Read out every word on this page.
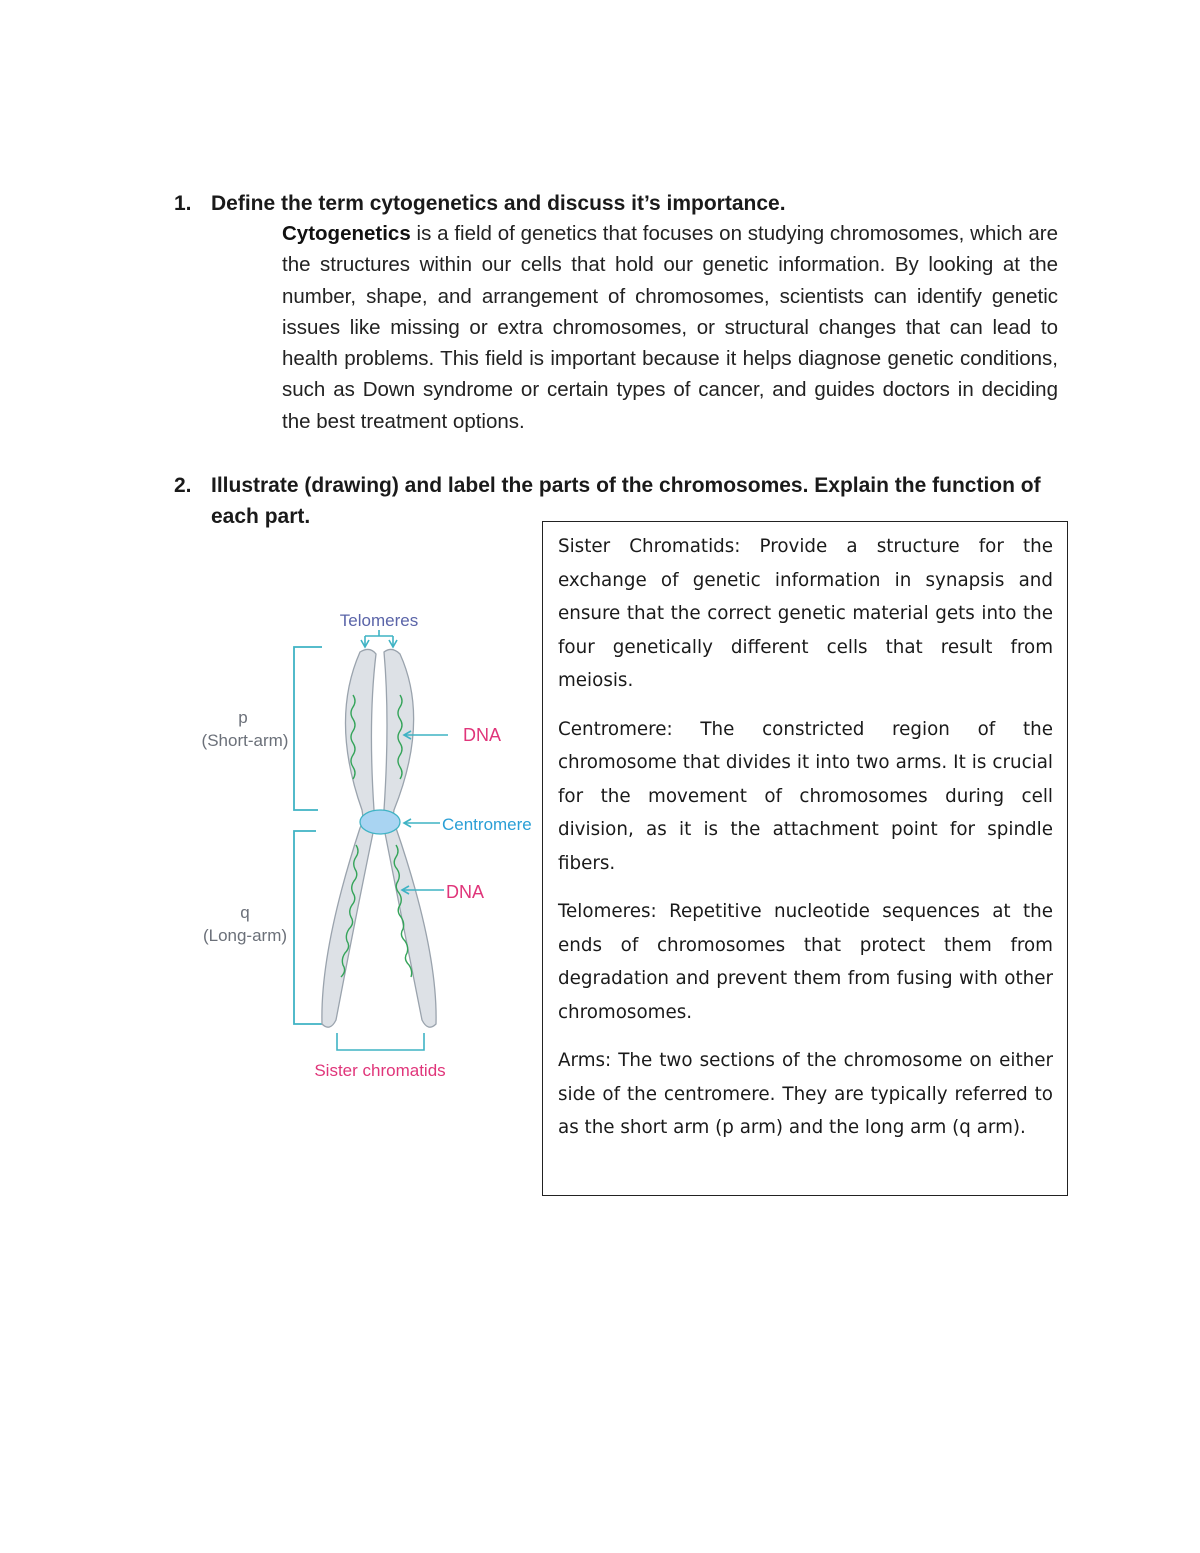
1. Define the term cytogenetics and discuss it’s importance.

Cytogenetics is a field of genetics that focuses on studying chromosomes, which are the structures within our cells that hold our genetic information. By looking at the number, shape, and arrangement of chromosomes, scientists can identify genetic issues like missing or extra chromosomes, or structural changes that can lead to health problems. This field is important because it helps diagnose genetic conditions, such as Down syndrome or certain types of cancer, and guides doctors in deciding the best treatment options.

2. Illustrate (drawing) and label the parts of the chromosomes. Explain the function of each part.
Telomeres
p
(Short-arm)
q
(Long-arm)
DNA
Centromere
DNA
Sister chromatids

Sister Chromatids: Provide a structure for the exchange of genetic information in synapsis and ensure that the correct genetic material gets into the four genetically different cells that result from meiosis.

Centromere: The constricted region of the chromosome that divides it into two arms. It is crucial for the movement of chromosomes during cell division, as it is the attachment point for spindle fibers.

Telomeres: Repetitive nucleotide sequences at the ends of chromosomes that protect them from degradation and prevent them from fusing with other chromosomes.

Arms: The two sections of the chromosome on either side of the centromere. They are typically referred to as the short arm (p arm) and the long arm (q arm).
